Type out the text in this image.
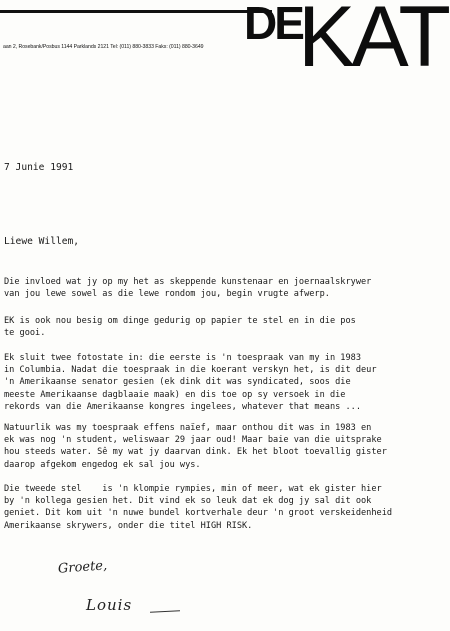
aan 2, Rosebank/Posbus 1144 Parklands 2121 Tel: (011) 880-3833 Faks: (011) 880-3649 DE
KAT
7 Junie 1991
Liewe Willem,

Die invloed wat jy op my het as skeppende kunstenaar en joernaalskrywer
van jou lewe sowel as die lewe rondom jou, begin vrugte afwerp.

EK is ook nou besig om dinge gedurig op papier te stel en in die pos
te gooi.

Ek sluit twee fotostate in: die eerste is 'n toespraak van my in 1983
in Columbia. Nadat die toespraak in die koerant verskyn het, is dit deur
'n Amerikaanse senator gesien (ek dink dit was syndicated, soos die
meeste Amerikaanse dagblaaie maak) en dis toe op sy versoek in die
rekords van die Amerikaanse kongres ingelees, whatever that means ...

Natuurlik was my toespraak effens naïef, maar onthou dit was in 1983 en
ek was nog 'n student, weliswaar 29 jaar oud! Maar baie van die uitsprake
hou steeds water. Sê my wat jy daarvan dink. Ek het bloot toevallig gister
daarop afgekom engedog ek sal jou wys.

Die tweede stel    is 'n klompie rympies, min of meer, wat ek gister hier
by 'n kollega gesien het. Dit vind ek so leuk dat ek dog jy sal dit ook
geniet. Dit kom uit 'n nuwe bundel kortverhale deur 'n groot verskeidenheid
Amerikaanse skrywers, onder die titel HIGH RISK.

Groete,
Louis
